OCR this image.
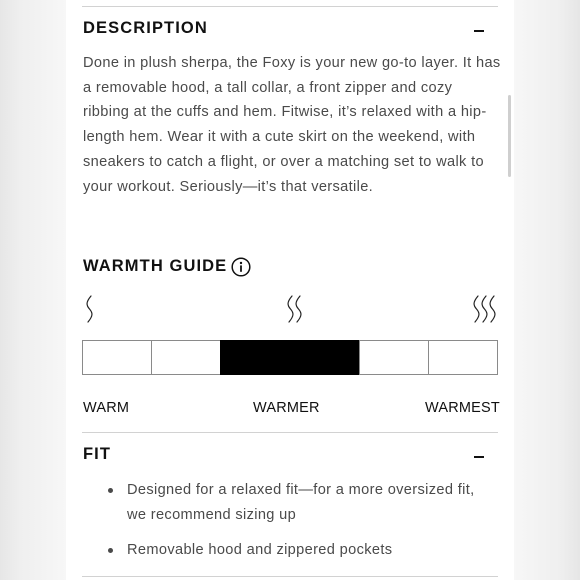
DESCRIPTION

Done in plush sherpa, the Foxy is your new go-to layer. It has a removable hood, a tall collar, a front zipper and cozy ribbing at the cuffs and hem. Fitwise, it’s relaxed with a hip-length hem. Wear it with a cute skirt on the weekend, with sneakers to catch a flight, or over a matching set to walk to your workout. Seriously—it’s that versatile.

WARMTH GUIDE
WARM	WARMER	WARMEST
FIT
Designed for a relaxed fit—for a more oversized fit, we recommend sizing up
Removable hood and zippered pockets
